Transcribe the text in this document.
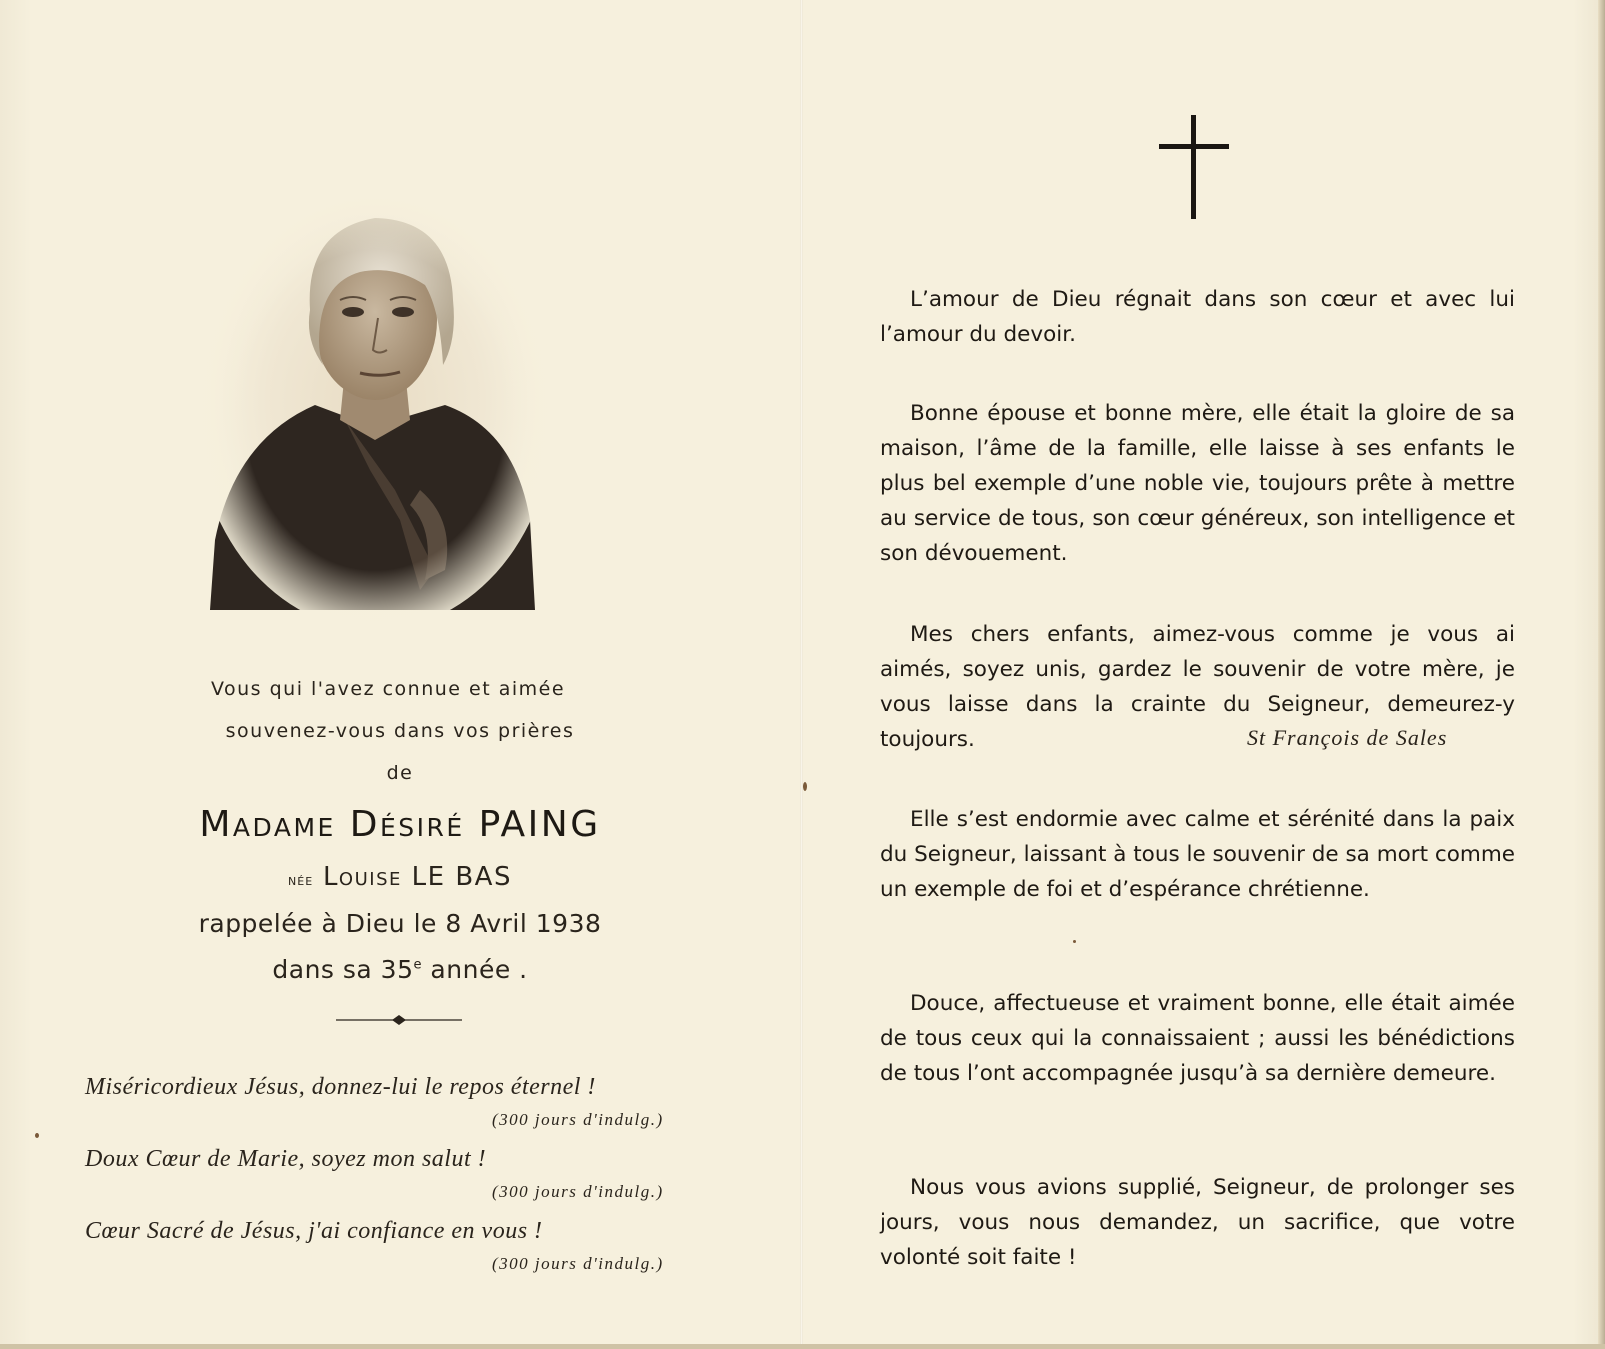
Vous qui l'avez connue et aimée
souvenez-vous dans vos prières
de
Madame Désiré PAING
née Louise LE BAS
rappelée à Dieu le 8 Avril 1938
dans sa 35e année .
Miséricordieux Jésus, donnez-lui le repos éternel !
(300 jours d'indulg.)
Doux Cœur de Marie, soyez mon salut !
(300 jours d'indulg.)
Cœur Sacré de Jésus, j'ai confiance en vous !
(300 jours d'indulg.)

L’amour de Dieu régnait dans son cœur et avec lui l’amour du devoir.

Bonne épouse et bonne mère, elle était la gloire de sa maison, l’âme de la famille, elle laisse à ses enfants le plus bel exemple d’une noble vie, toujours prête à mettre au service de tous, son cœur généreux, son intelligence et son dévouement.

Mes chers enfants, aimez-vous comme je vous ai aimés, soyez unis, gardez le souvenir de votre mère, je vous laisse dans la crainte du Seigneur, demeurez-y toujours.	St François de Sales

Elle s’est endormie avec calme et sérénité dans la paix du Seigneur, laissant à tous le souvenir de sa mort comme un exemple de foi et d’espérance chrétienne.

Douce, affectueuse et vraiment bonne, elle était aimée de tous ceux qui la connaissaient ; aussi les bénédictions de tous l’ont accompagnée jusqu’à sa dernière demeure.

Nous vous avions supplié, Seigneur, de prolonger ses jours, vous nous demandez, un sacrifice, que votre volonté soit faite !
